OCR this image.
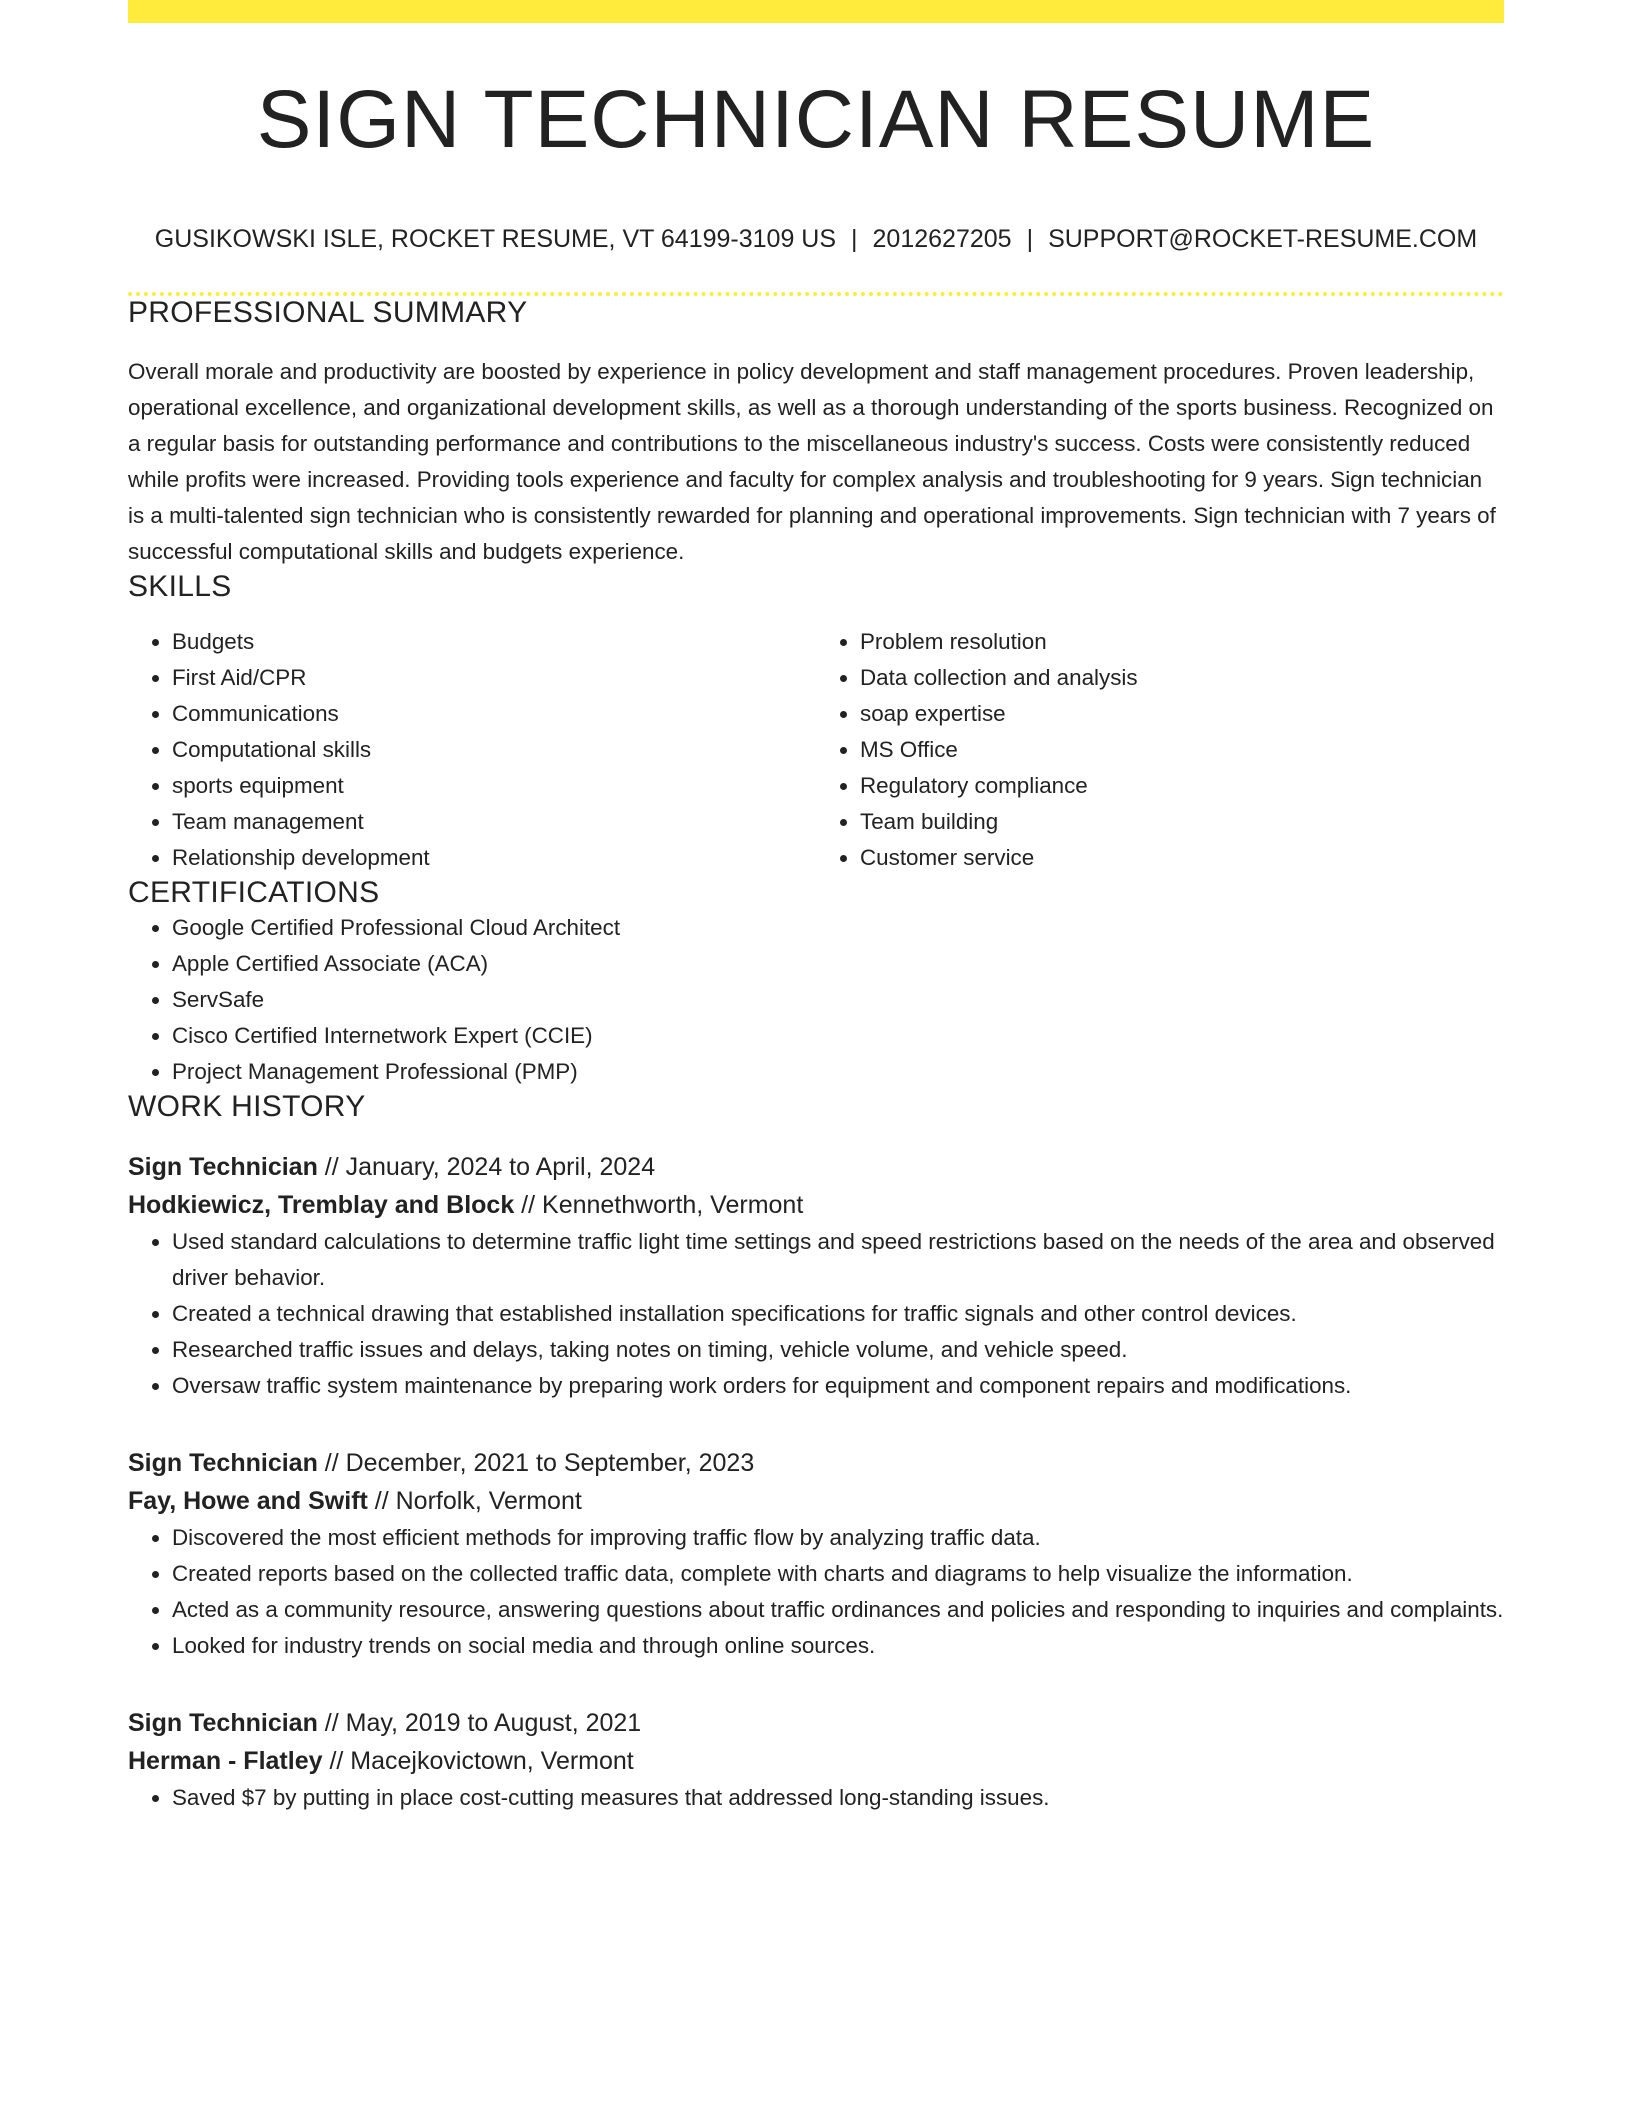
SIGN TECHNICIAN RESUME
GUSIKOWSKI ISLE, ROCKET RESUME, VT 64199-3109 US | 2012627205 | SUPPORT@ROCKET-RESUME.COM
PROFESSIONAL SUMMARY

Overall morale and productivity are boosted by experience in policy development and staff management procedures. Proven leadership, operational excellence, and organizational development skills, as well as a thorough understanding of the sports business. Recognized on a regular basis for outstanding performance and contributions to the miscellaneous industry's success. Costs were consistently reduced while profits were increased. Providing tools experience and faculty for complex analysis and troubleshooting for 9 years. Sign technician is a multi-talented sign technician who is consistently rewarded for planning and operational improvements. Sign technician with 7 years of successful computational skills and budgets experience.

SKILLS
• Budgets
• First Aid/CPR
• Communications
• Computational skills
• sports equipment
• Team management
• Relationship development
• Problem resolution
• Data collection and analysis
• soap expertise
• MS Office
• Regulatory compliance
• Team building
• Customer service
CERTIFICATIONS
• Google Certified Professional Cloud Architect
• Apple Certified Associate (ACA)
• ServSafe
• Cisco Certified Internetwork Expert (CCIE)
• Project Management Professional (PMP)
WORK HISTORY
Sign Technician // January, 2024 to April, 2024
Hodkiewicz, Tremblay and Block // Kennethworth, Vermont
• Used standard calculations to determine traffic light time settings and speed restrictions based on the needs of the area and observed driver behavior.
• Created a technical drawing that established installation specifications for traffic signals and other control devices.
• Researched traffic issues and delays, taking notes on timing, vehicle volume, and vehicle speed.
• Oversaw traffic system maintenance by preparing work orders for equipment and component repairs and modifications.
Sign Technician // December, 2021 to September, 2023
Fay, Howe and Swift // Norfolk, Vermont
• Discovered the most efficient methods for improving traffic flow by analyzing traffic data.
• Created reports based on the collected traffic data, complete with charts and diagrams to help visualize the information.
• Acted as a community resource, answering questions about traffic ordinances and policies and responding to inquiries and complaints.
• Looked for industry trends on social media and through online sources.
Sign Technician // May, 2019 to August, 2021
Herman - Flatley // Macejkovictown, Vermont
• Saved $7 by putting in place cost-cutting measures that addressed long-standing issues.
